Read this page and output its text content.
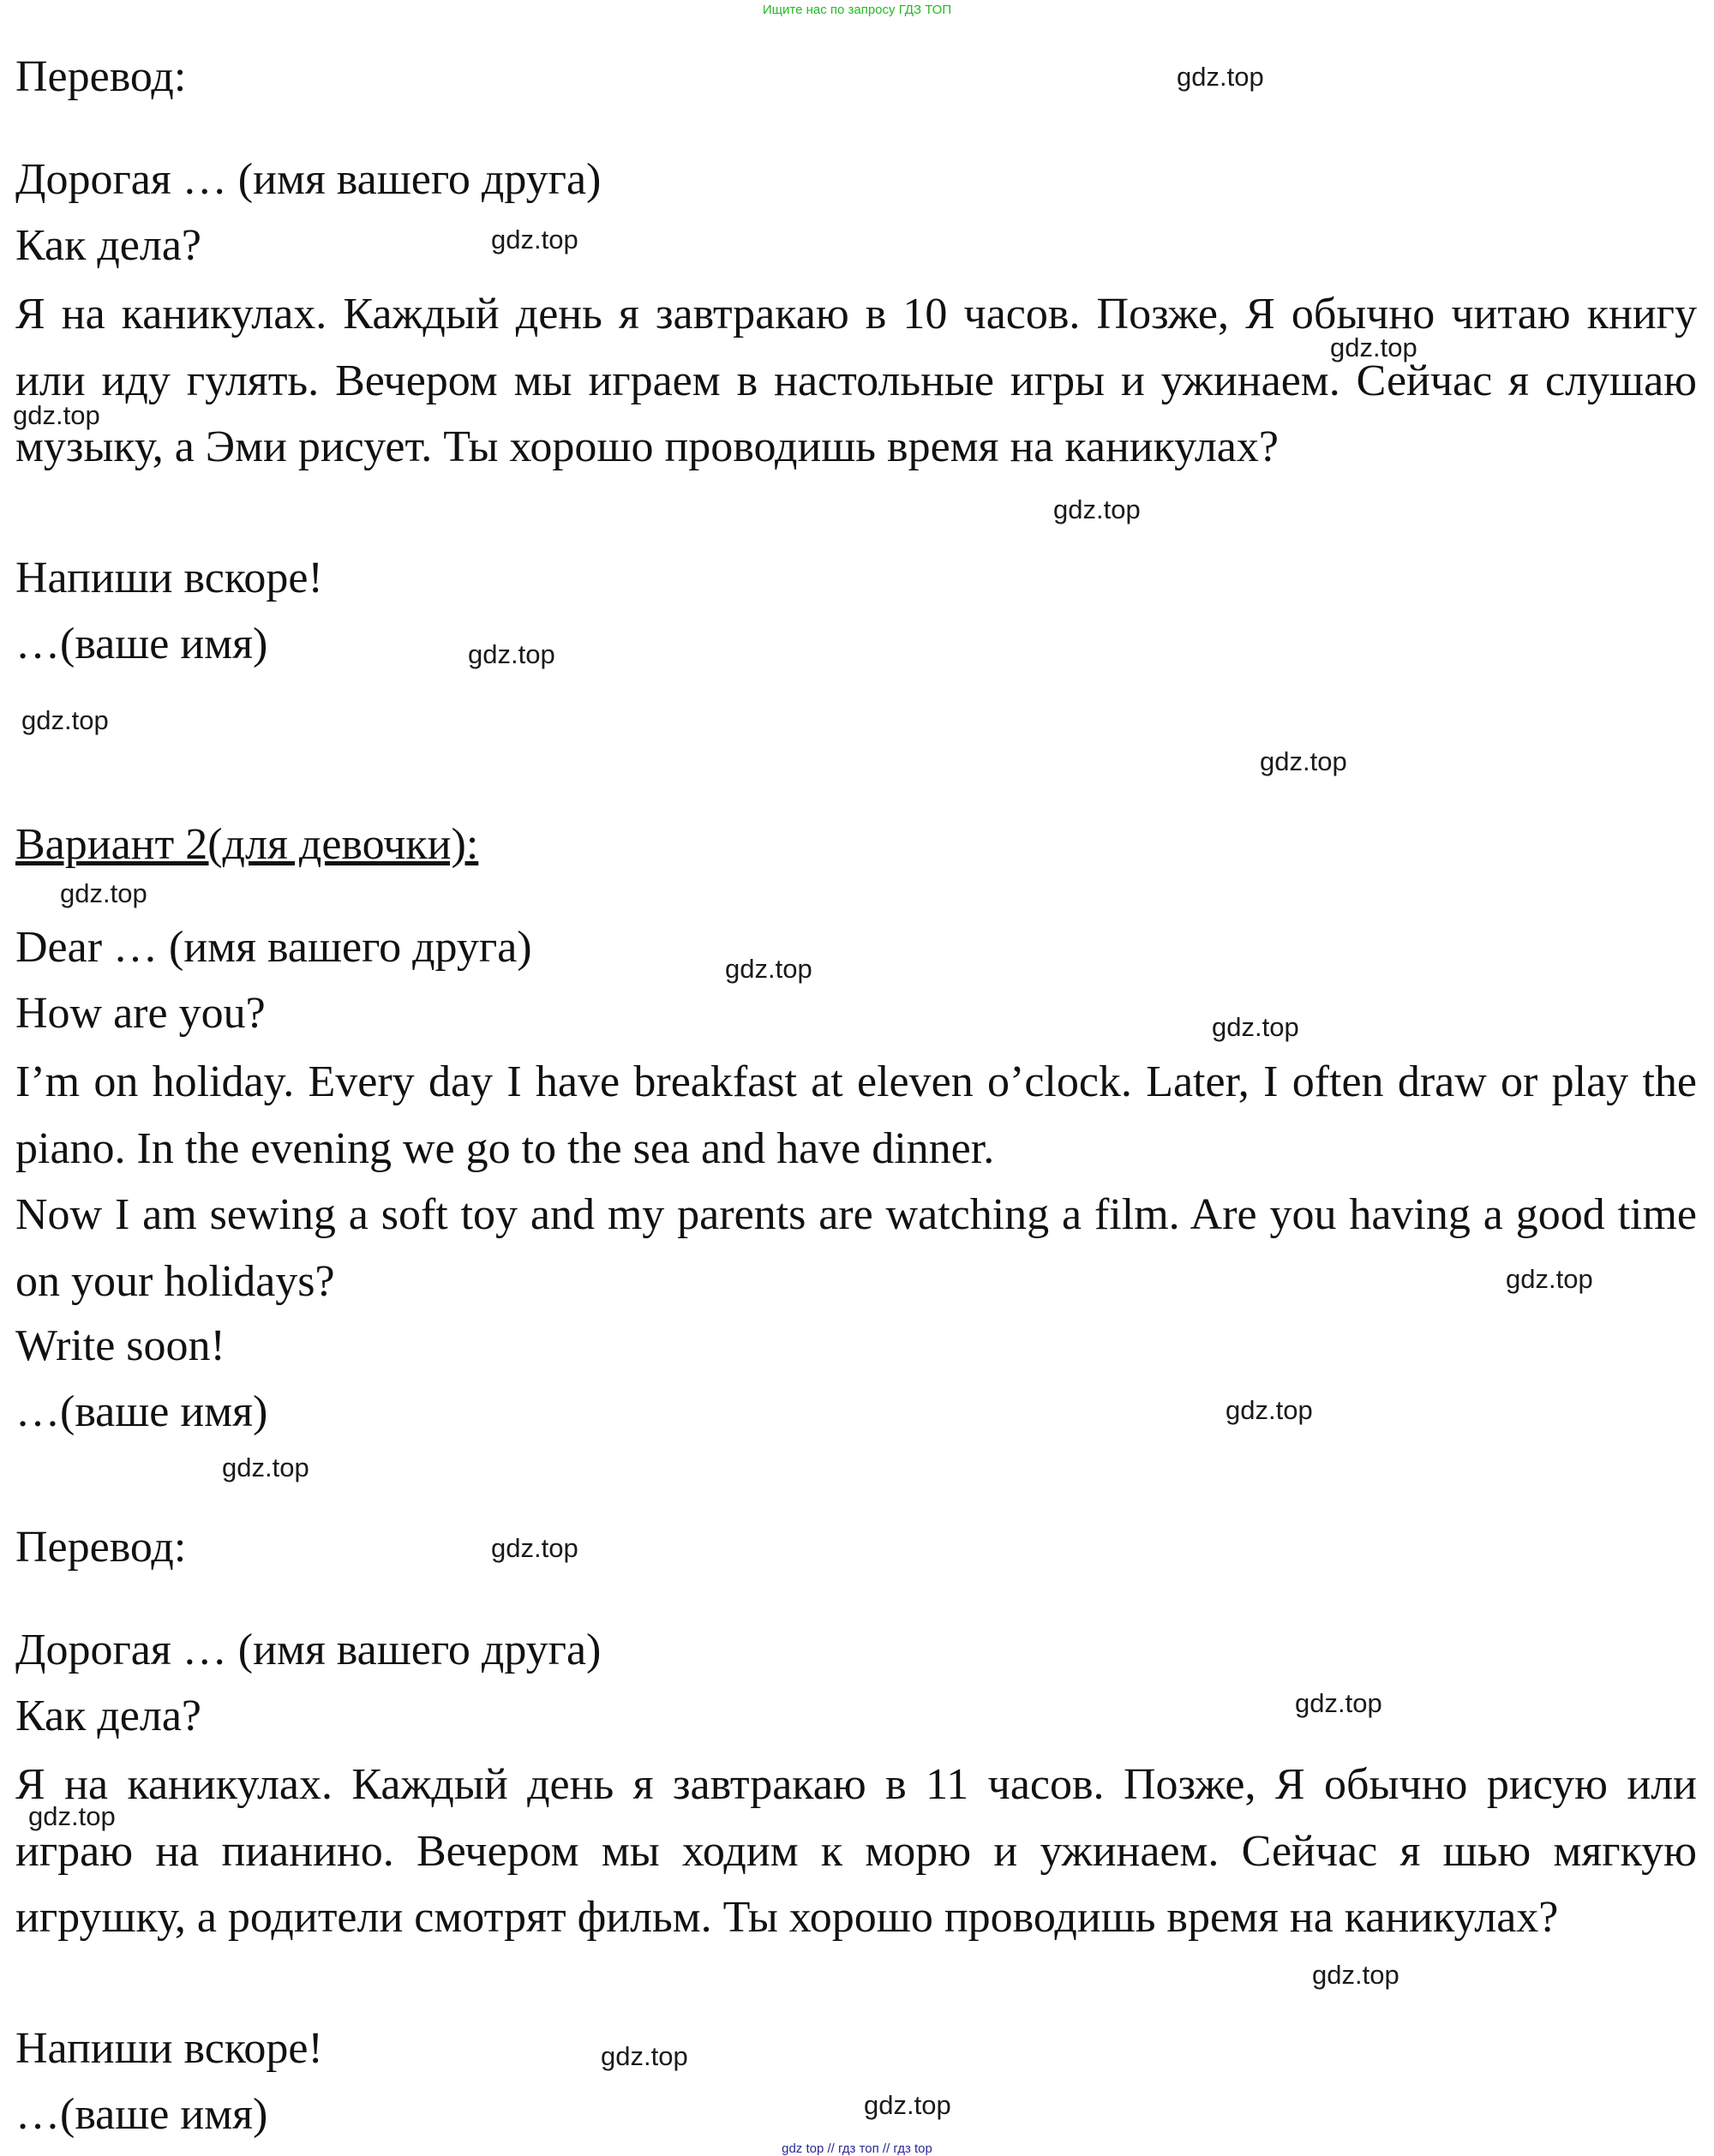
Ищите нас по запросу ГДЗ ТОП
Перевод:
Дорогая … (имя вашего друга)
Как дела?
Я на каникулах. Каждый день я завтракаю в 10 часов. Позже, Я обычно читаю книгу или иду гулять. Вечером мы играем в настольные игры и ужинаем. Сейчас я слушаю музыку, а Эми рисует. Ты хорошо проводишь время на каникулах?
Напиши вскоре!
…(ваше имя)
Вариант 2(для девочки):
Dear … (имя вашего друга)
How are you?
I’m on holiday. Every day I have breakfast at eleven o’clock. Later, I often draw or play the piano. In the evening we go to the sea and have dinner.
Now I am sewing a soft toy and my parents are watching a film. Are you having a good time on your holidays?
Write soon!
…(ваше имя)
Перевод:
Дорогая … (имя вашего друга)
Как дела?
Я на каникулах. Каждый день я завтракаю в 11 часов. Позже, Я обычно рисую или играю на пианино. Вечером мы ходим к морю и ужинаем. Сейчас я шью мягкую игрушку, а родители смотрят фильм. Ты хорошо проводишь время на каникулах?
Напиши вскоре!
…(ваше имя)
gdz.top
gdz.top
gdz.top
gdz.top
gdz.top
gdz.top
gdz.top
gdz.top
gdz.top
gdz.top
gdz.top
gdz.top
gdz.top
gdz.top
gdz.top
gdz.top
gdz.top
gdz.top
gdz.top
gdz.top
gdz top // гдз топ // гдз top
